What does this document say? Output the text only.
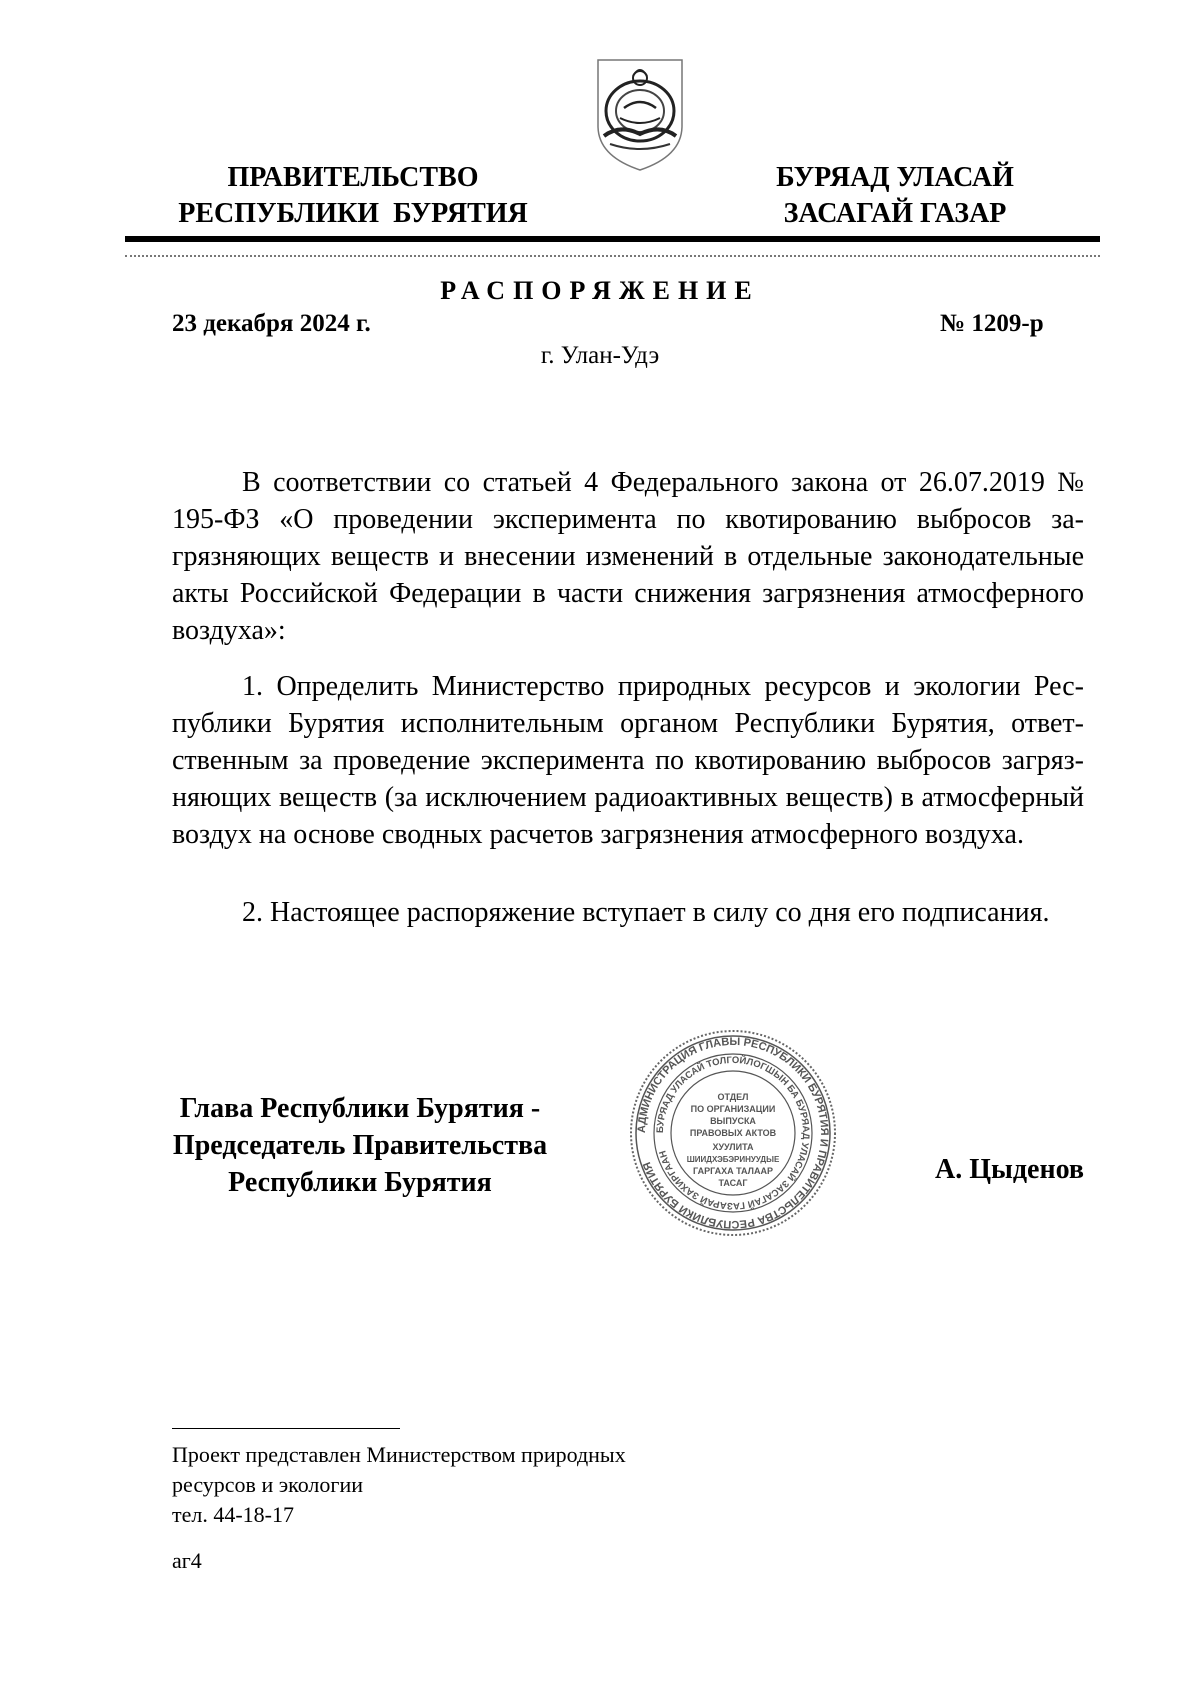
ПРАВИТЕЛЬСТВО
РЕСПУБЛИКИ  БУРЯТИЯ
БУРЯАД УЛАСАЙ
ЗАСАГАЙ ГАЗАР
РАСПОРЯЖЕНИЕ
23 декабря 2024 г.	№ 1209-р
г. Улан-Удэ

В соответствии со статьей 4 Федерального закона от 26.07.2019 № 195-ФЗ «О проведении эксперимента по квотированию выбросов загрязняющих веществ и внесении изменений в отдельные законодательные акты Российской Федерации в части снижения загрязнения атмосферного воздуха»:

1. Определить Министерство природных ресурсов и экологии Республики Бурятия исполнительным органом Республики Бурятия, ответственным за проведение эксперимента по квотированию выбросов загрязняющих веществ (за исключением радиоактивных веществ) в атмосферный воздух на основе сводных расчетов загрязнения атмосферного воздуха.

2. Настоящее распоряжение вступает в силу со дня его подписания.

Глава Республики Бурятия -
Председатель Правительства
Республики Бурятия	А. Цыденов
АДМИНИСТРАЦИЯ ГЛАВЫ РЕСПУБЛИКИ БУРЯТИЯ И ПРАВИТЕЛЬСТВА РЕСПУБЛИКИ БУРЯТИЯ
БУРЯАД УЛАСАЙ ТОЛГОЙЛОГШЫН БА БУРЯАД УЛАСАЙ ЗАСАГАЙ ГАЗАРАЙ ЗАХИРГААН
ОТДЕЛ
ПО ОРГАНИЗАЦИИ
ВЫПУСКА
ПРАВОВЫХ АКТОВ
ХУУЛИТА
ШИИДХЭБЭРИНУУДЫЕ
ГАРГАХА ТАЛААР
ТАСАГ
Проект представлен Министерством природных
ресурсов и экологии
тел. 44-18-17
аг4
